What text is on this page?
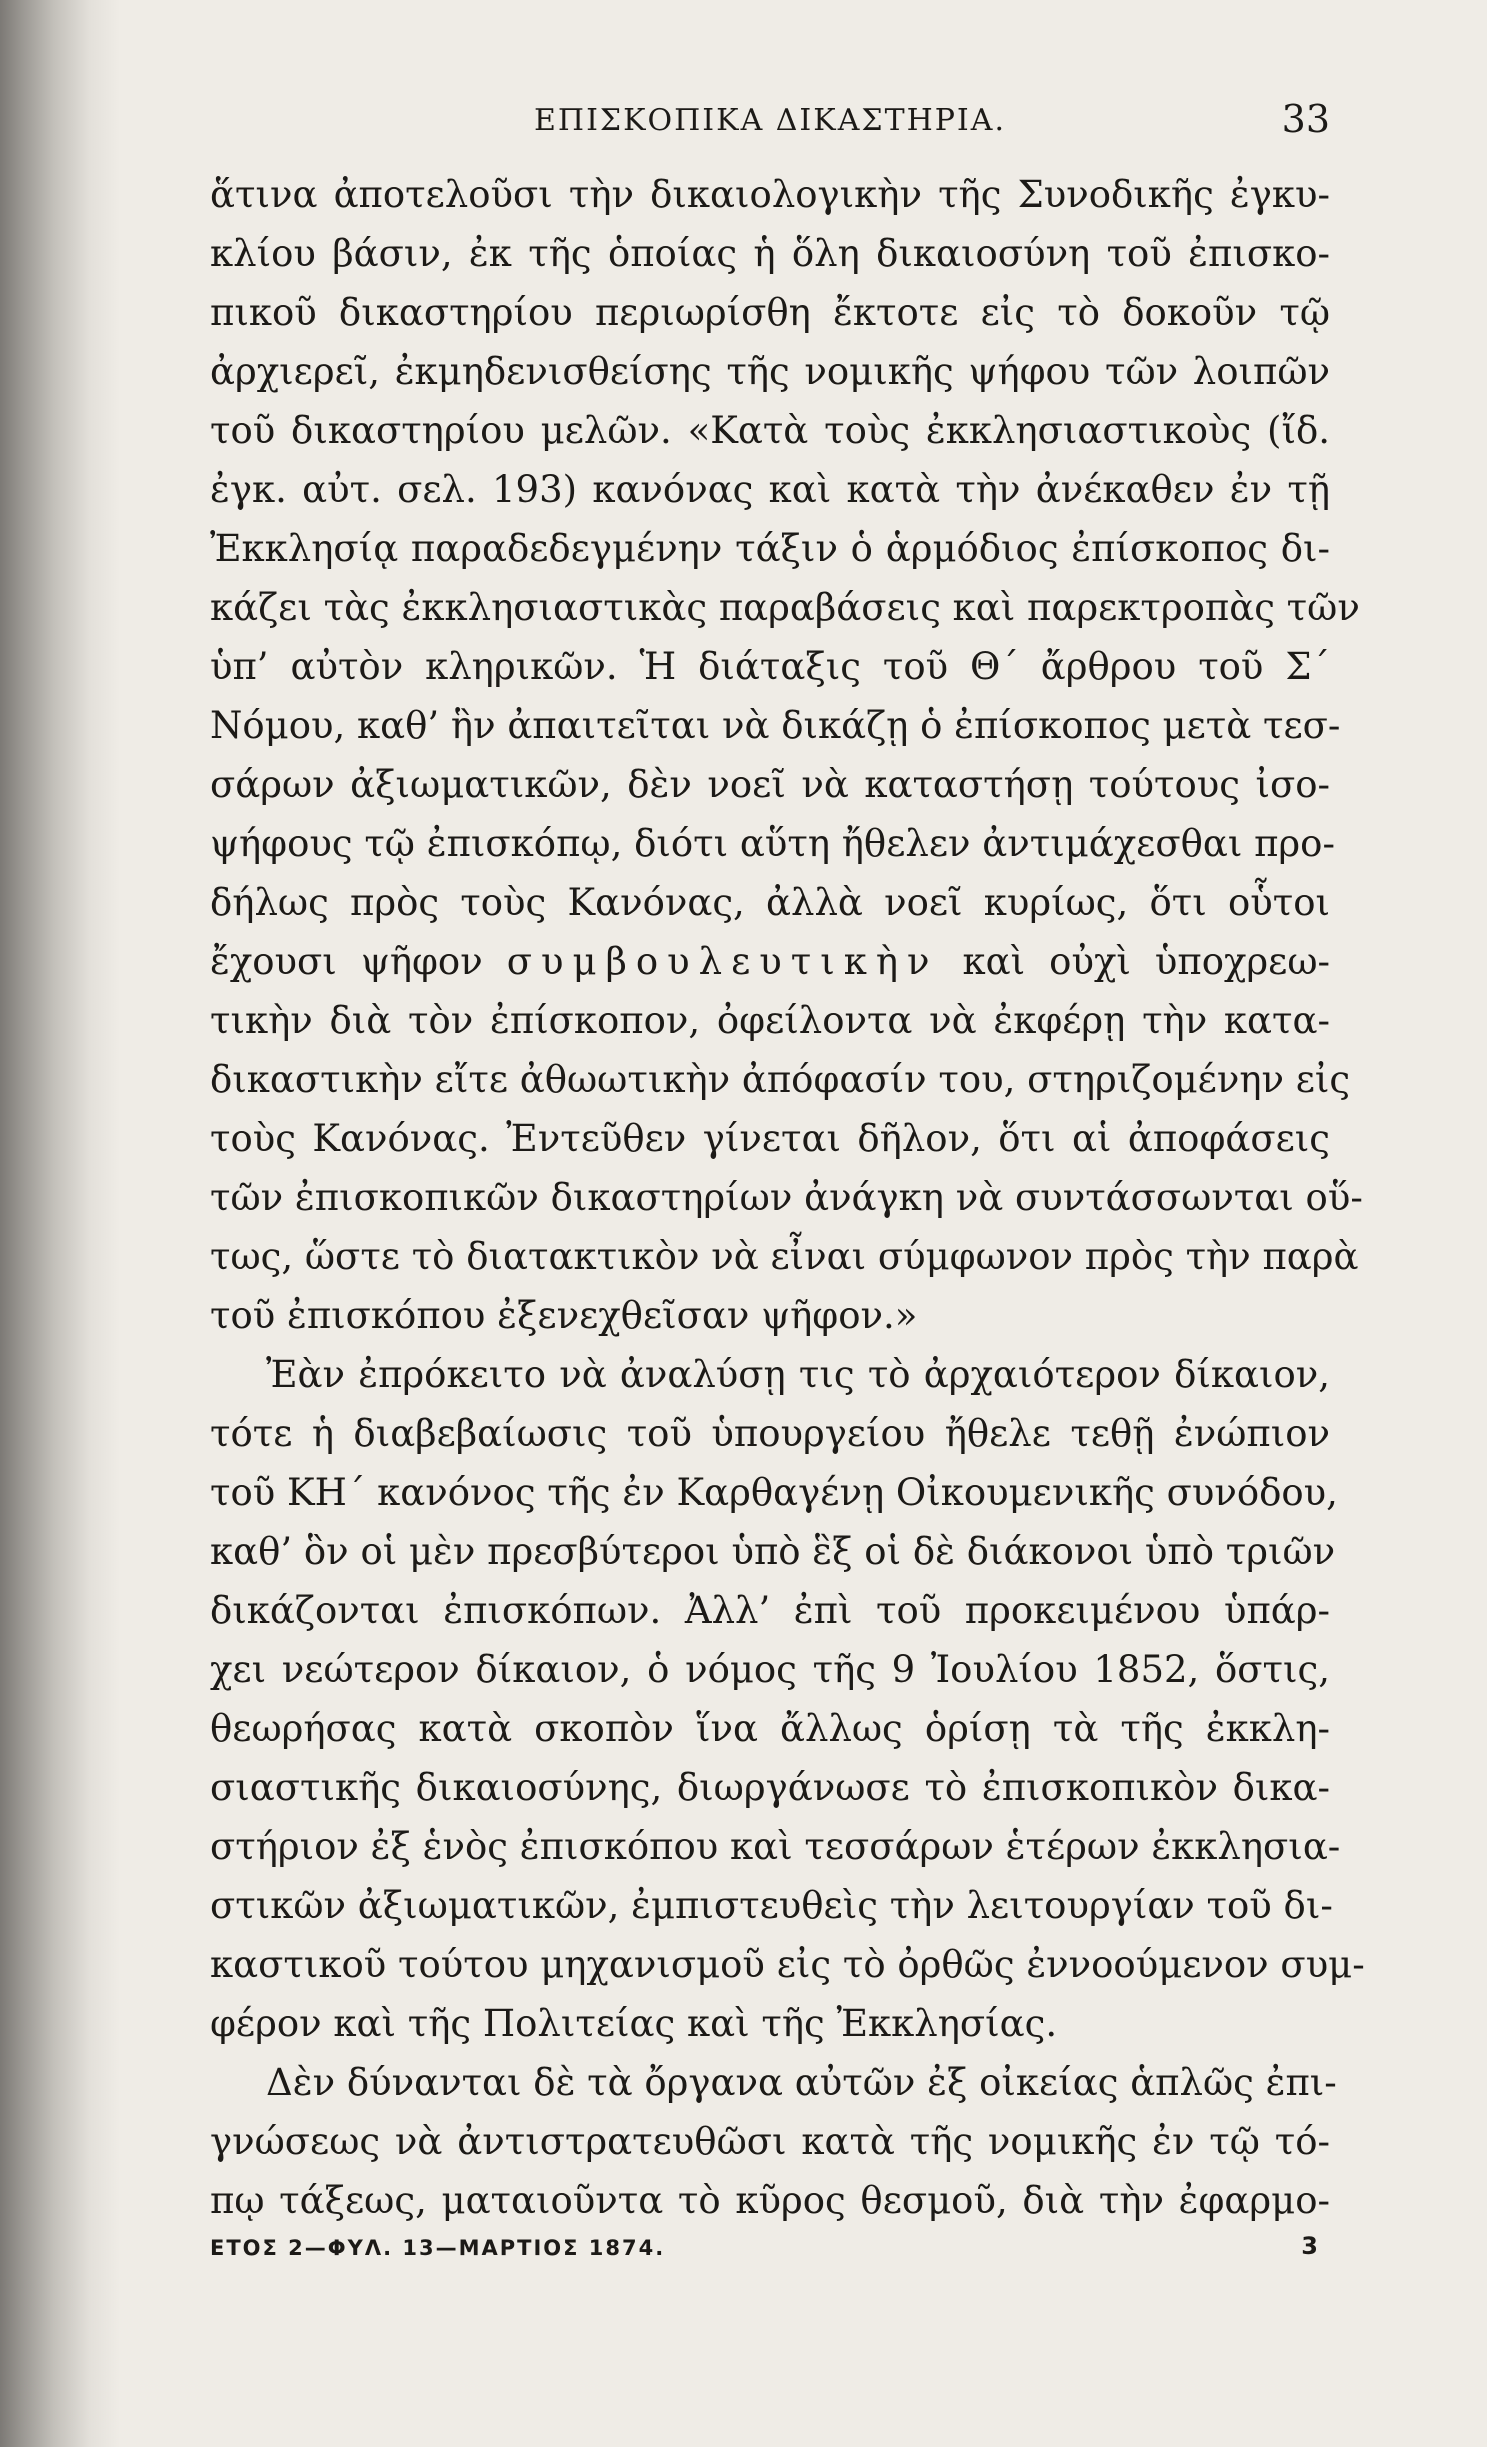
ΕΠΙΣΚΟΠΙΚΑ ΔΙΚΑΣΤΗΡΙΑ.	33
ἅτινα ἀποτελοῦσι τὴν δικαιολογικὴν τῆς Συνοδικῆς ἐγκυ-
κλίου βάσιν, ἐκ τῆς ὁποίας ἡ ὅλη δικαιοσύνη τοῦ ἐπισκο-
πικοῦ δικαστηρίου περιωρίσθη ἔκτοτε εἰς τὸ δοκοῦν τῷ
ἀρχιερεῖ, ἐκμηδενισθείσης τῆς νομικῆς ψήφου τῶν λοιπῶν
τοῦ δικαστηρίου μελῶν. «Κατὰ τοὺς ἐκκλησιαστικοὺς (ἴδ.
ἐγκ. αὐτ. σελ. 193) κανόνας καὶ κατὰ τὴν ἀνέκαθεν ἐν τῇ
Ἐκκλησίᾳ παραδεδεγμένην τάξιν ὁ ἁρμόδιος ἐπίσκοπος δι-
κάζει τὰς ἐκκλησιαστικὰς παραβάσεις καὶ παρεκτροπὰς τῶν
ὑπ’ αὐτὸν κληρικῶν. Ἡ διάταξις τοῦ Θ΄ ἄρθρου τοῦ Σ΄
Νόμου, καθ’ ἣν ἀπαιτεῖται νὰ δικάζῃ ὁ ἐπίσκοπος μετὰ τεσ-
σάρων ἀξιωματικῶν, δὲν νοεῖ νὰ καταστήσῃ τούτους ἰσο-
ψήφους τῷ ἐπισκόπῳ, διότι αὕτη ἤθελεν ἀντιμάχεσθαι προ-
δήλως πρὸς τοὺς Κανόνας, ἀλλὰ νοεῖ κυρίως, ὅτι οὗτοι
ἔχουσι ψῆφον συμβουλευτικὴν καὶ οὐχὶ ὑποχρεω-
τικὴν διὰ τὸν ἐπίσκοπον, ὀφείλοντα νὰ ἐκφέρῃ τὴν κατα-
δικαστικὴν εἴτε ἀθωωτικὴν ἀπόφασίν του, στηριζομένην εἰς
τοὺς Κανόνας. Ἐντεῦθεν γίνεται δῆλον, ὅτι αἱ ἀποφάσεις
τῶν ἐπισκοπικῶν δικαστηρίων ἀνάγκη νὰ συντάσσωνται οὕ-
τως, ὥστε τὸ διατακτικὸν νὰ εἶναι σύμφωνον πρὸς τὴν παρὰ
τοῦ ἐπισκόπου ἐξενεχθεῖσαν ψῆφον.»
Ἐὰν ἐπρόκειτο νὰ ἀναλύσῃ τις τὸ ἀρχαιότερον δίκαιον,
τότε ἡ διαβεβαίωσις τοῦ ὑπουργείου ἤθελε τεθῇ ἐνώπιον
τοῦ ΚΗ΄ κανόνος τῆς ἐν Καρθαγένῃ Οἰκουμενικῆς συνόδου,
καθ’ ὃν οἱ μὲν πρεσβύτεροι ὑπὸ ἓξ οἱ δὲ διάκονοι ὑπὸ τριῶν
δικάζονται ἐπισκόπων. Ἀλλ’ ἐπὶ τοῦ προκειμένου ὑπάρ-
χει νεώτερον δίκαιον, ὁ νόμος τῆς 9 Ἰουλίου 1852, ὅστις,
θεωρήσας κατὰ σκοπὸν ἵνα ἄλλως ὁρίσῃ τὰ τῆς ἐκκλη-
σιαστικῆς δικαιοσύνης, διωργάνωσε τὸ ἐπισκοπικὸν δικα-
στήριον ἐξ ἑνὸς ἐπισκόπου καὶ τεσσάρων ἑτέρων ἐκκλησια-
στικῶν ἀξιωματικῶν, ἐμπιστευθεὶς τὴν λειτουργίαν τοῦ δι-
καστικοῦ τούτου μηχανισμοῦ εἰς τὸ ὀρθῶς ἐννοούμενον συμ-
φέρον καὶ τῆς Πολιτείας καὶ τῆς Ἐκκλησίας.
Δὲν δύνανται δὲ τὰ ὄργανα αὐτῶν ἐξ οἰκείας ἁπλῶς ἐπι-
γνώσεως νὰ ἀντιστρατευθῶσι κατὰ τῆς νομικῆς ἐν τῷ τό-
πῳ τάξεως, ματαιοῦντα τὸ κῦρος θεσμοῦ, διὰ τὴν ἐφαρμο-
ΕΤΟΣ 2—ΦΥΛ. 13—ΜΑΡΤΙΟΣ 1874.	3
